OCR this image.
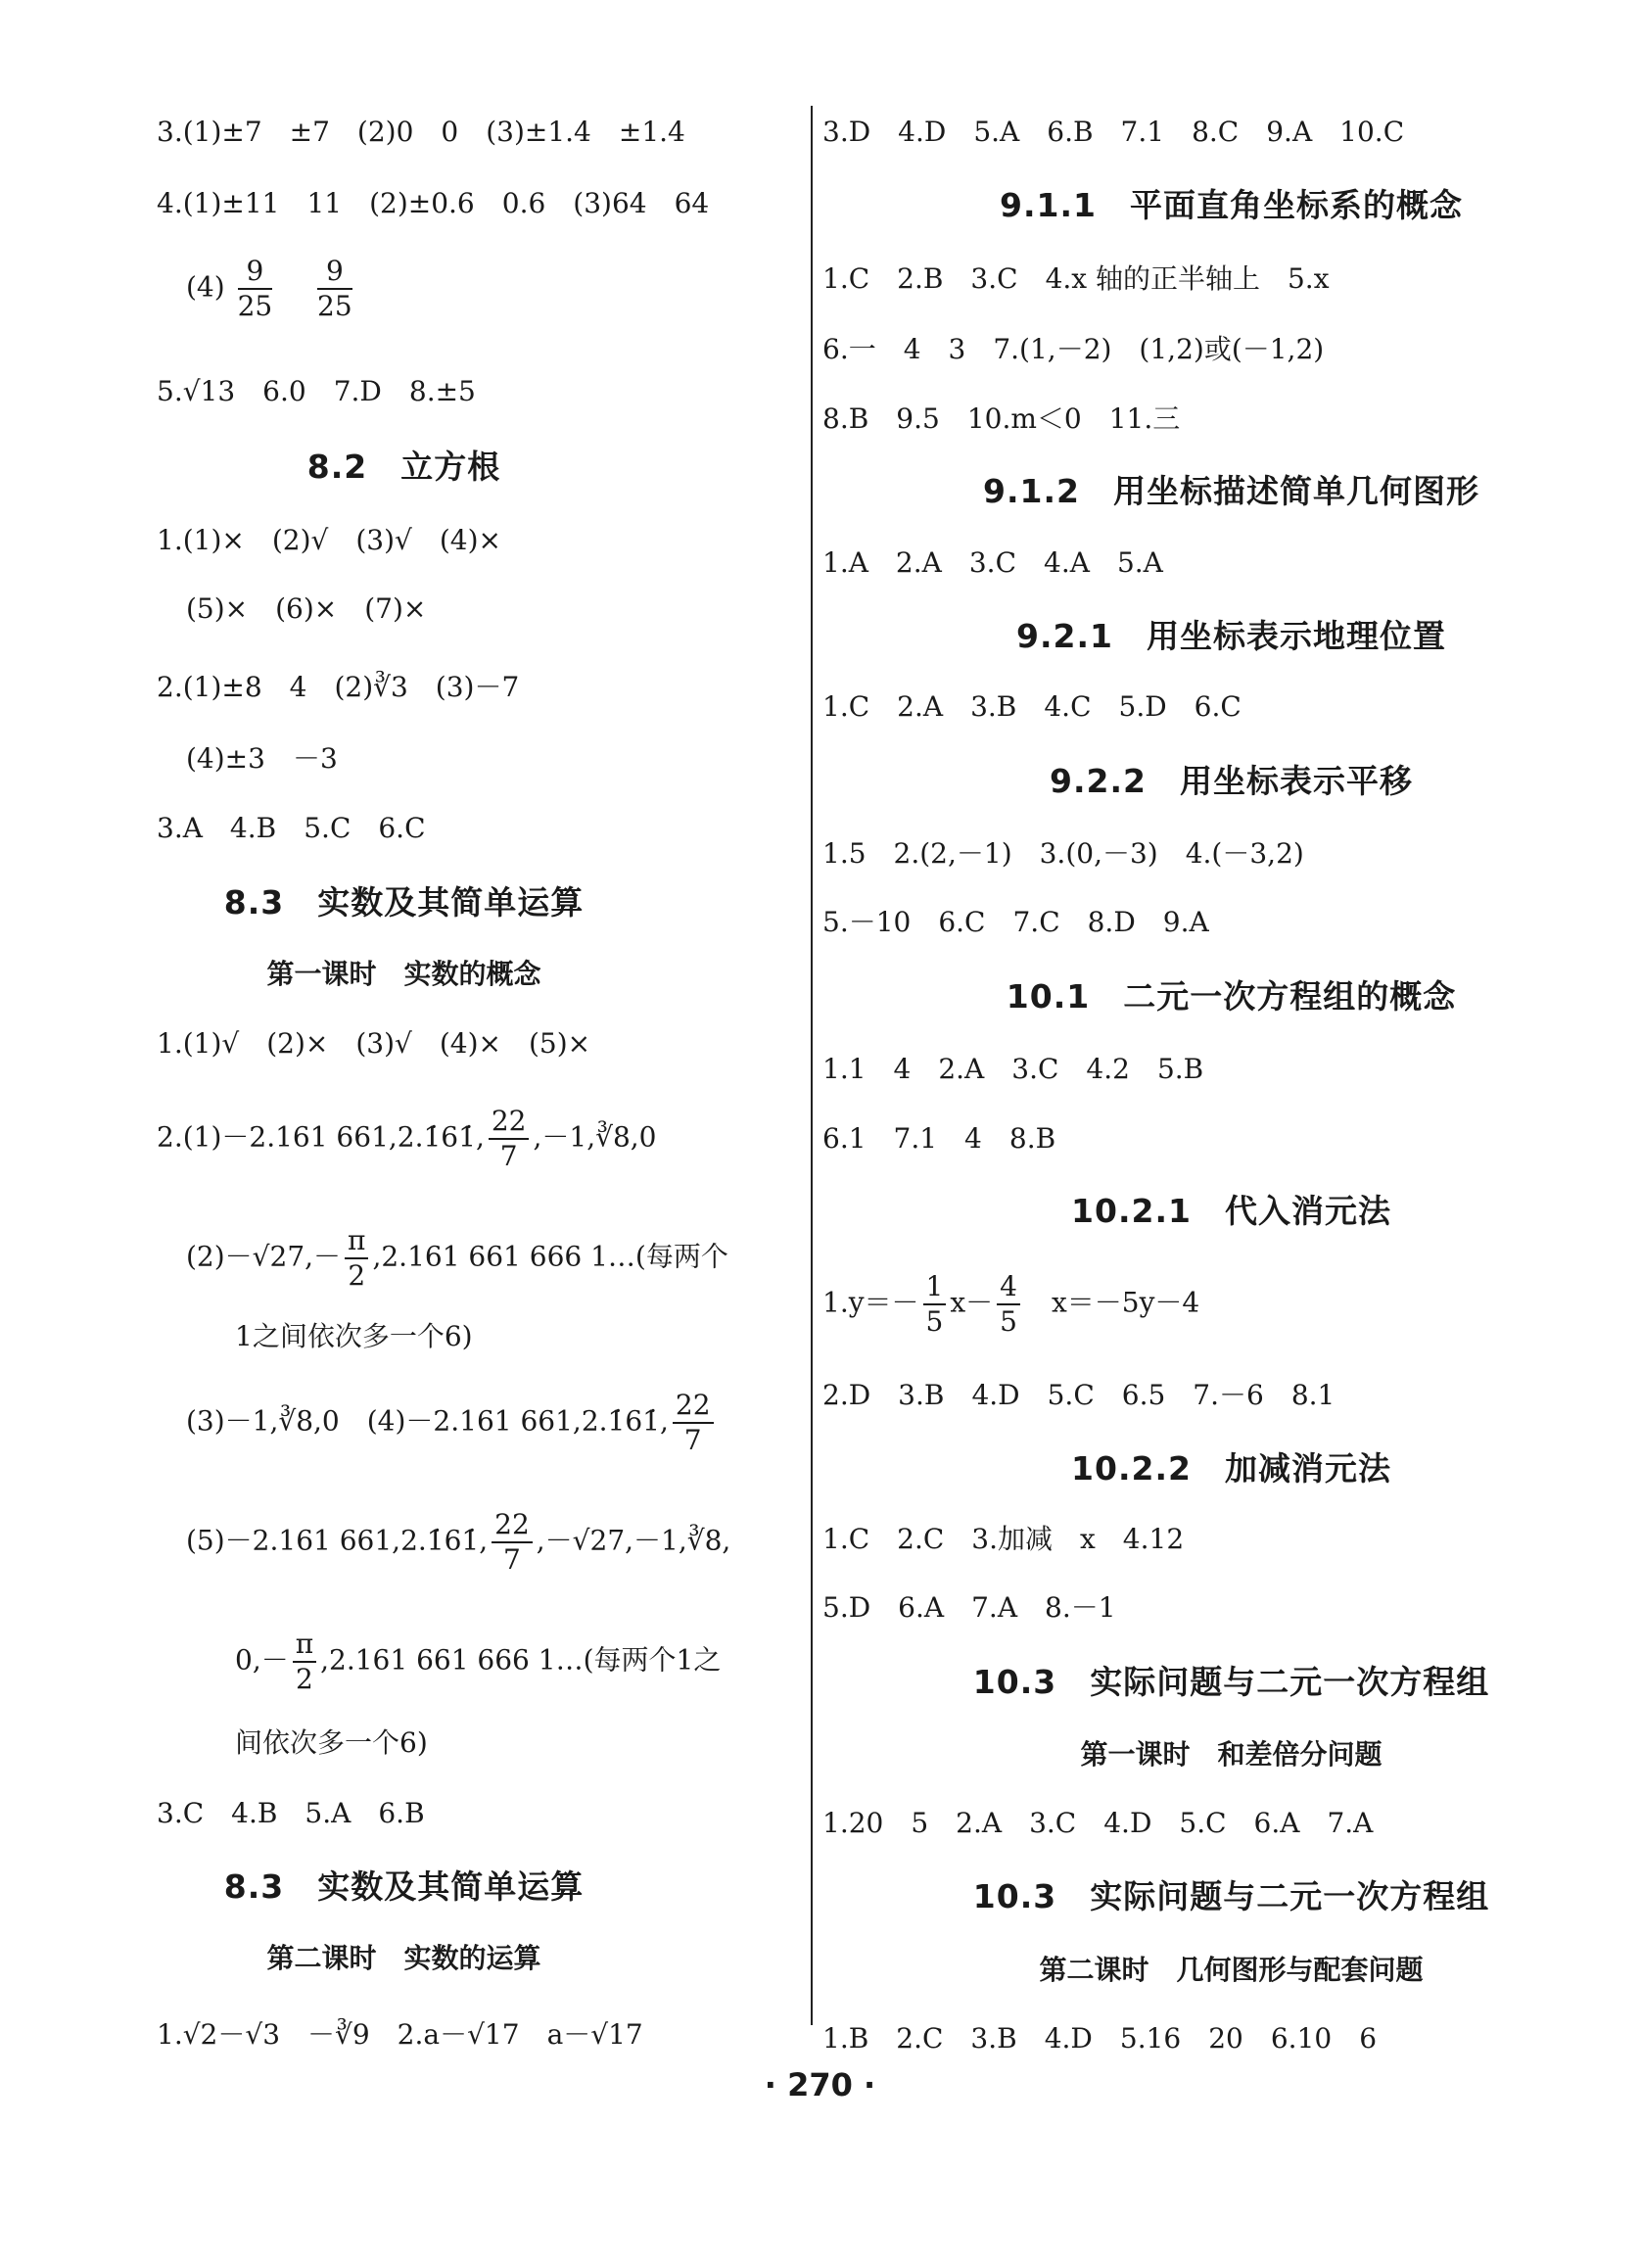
3.(1)±7　±7　(2)0　0　(3)±1.4　±1.4
4.(1)±11　11　(2)±0.6　0.6　(3)64　64
$(4) \frac{9}{25}$
$\frac{9}{25}$
5.√13　6.0　7.D　8.±5
8.2　立方根
1.(1)×　(2)√　(3)√　(4)×
(5)×　(6)×　(7)×
2.(1)±8　4　(2)∛3　(3)－7
(4)±3　－3
3.A　4.B　5.C　6.C
8.3　实数及其简单运算
第一课时　实数的概念
1.(1)√　(2)×　(3)√　(4)×　(5)×
2.(1)－2.161 661,2.1̇61̇, $\frac{22}{7}$ ,－1,∛8,0
$(2)-√27,- \frac{\pi}{2} ,2.161$ 661 666 1…(每两个
1之间依次多一个6)
(3)－1,∛8,0　(4)－2.161 661,2.1̇61̇, $\frac{22}{7}$
(5)－2.161 661,2.1̇61̇, $\frac{22}{7}$ ,－√27,－1,∛8,
$0,- \frac{\pi}{2} ,2.161$ 661 666 1…(每两个1之
间依次多一个6)
3.C　4.B　5.A　6.B
8.3　实数及其简单运算
第二课时　实数的运算
1.√2－√3　－∛9　2.a－√17　a－√17
3.D　4.D　5.A　6.B　7.1　8.C　9.A　10.C
9.1.1　平面直角坐标系的概念
1.C　2.B　3.C　4.x 轴的正半轴上　5.x
6.一　4　3　7.(1,－2)　(1,2)或(－1,2)
8.B　9.5　10.m＜0　11.三
9.1.2　用坐标描述简单几何图形
1.A　2.A　3.C　4.A　5.A
9.2.1　用坐标表示地理位置
1.C　2.A　3.B　4.C　5.D　6.C
9.2.2　用坐标表示平移
1.5　2.(2,－1)　3.(0,－3)　4.(－3,2)
5.－10　6.C　7.C　8.D　9.A
10.1　二元一次方程组的概念
1.1　4　2.A　3.C　4.2　5.B
6.1　7.1　4　8.B
10.2.1　代入消元法
$1.y=- \frac{1}{5} x- \frac{4}{5}$ 　x＝－5y－4
2.D　3.B　4.D　5.C　6.5　7.－6　8.1
10.2.2　加减消元法
1.C　2.C　3.加减　x　4.12
5.D　6.A　7.A　8.－1
10.3　实际问题与二元一次方程组
第一课时　和差倍分问题
1.20　5　2.A　3.C　4.D　5.C　6.A　7.A
10.3　实际问题与二元一次方程组
第二课时　几何图形与配套问题
1.B　2.C　3.B　4.D　5.16　20　6.10　6
· 270 ·
